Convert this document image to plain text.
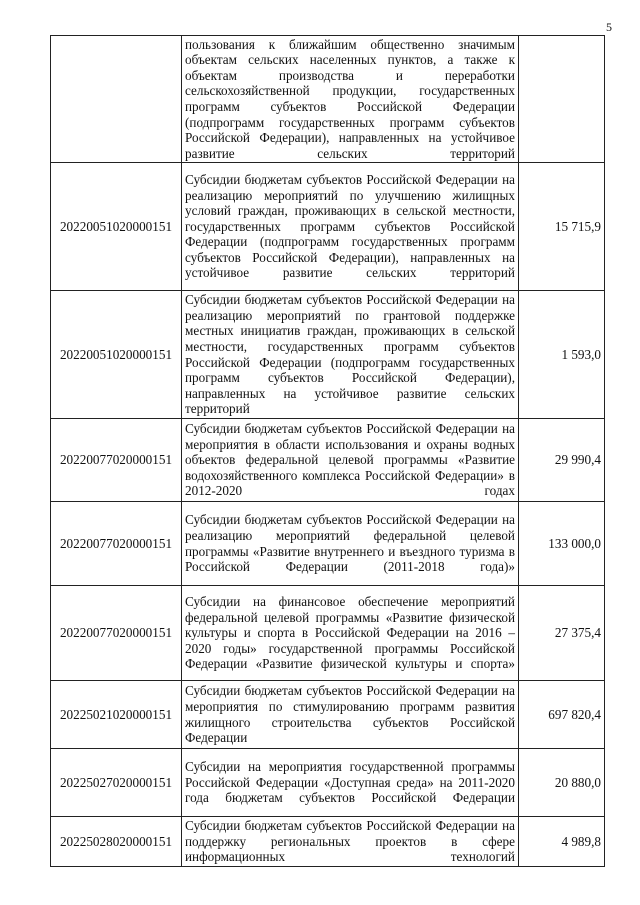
5
	пользования к ближайшим общественно значимым объектам сельских населенных пунктов, а также к объектам производства и переработки сельскохозяйственной продукции, государственных программ субъектов Российской Федерации (подпрограмм государственных программ субъектов Российской Федерации), направленных на устойчивое развитие сельских территорий	
20220051020000151	Субсидии бюджетам субъектов Российской Федерации на реализацию мероприятий по улучшению жилищных условий граждан, проживающих в сельской местности, государственных программ субъектов Российской Федерации (подпрограмм государственных программ субъектов Российской Федерации), направленных на устойчивое развитие сельских территорий	15 715,9
20220051020000151	Субсидии бюджетам субъектов Российской Федерации на реализацию мероприятий по грантовой поддержке местных инициатив граждан, проживающих в сельской местности, государственных программ субъектов Российской Федерации (подпрограмм государственных программ субъектов Российской Федерации), направленных на устойчивое развитие сельских территорий	1 593,0
20220077020000151	Субсидии бюджетам субъектов Российской Федерации на мероприятия в области использования и охраны водных объектов федеральной целевой программы «Развитие водохозяйственного комплекса Российской Федерации» в 2012-2020 годах	29 990,4
20220077020000151	Субсидии бюджетам субъектов Российской Федерации на реализацию мероприятий федеральной целевой программы «Развитие внутреннего и въездного туризма в Российской Федерации (2011-2018 года)»	133 000,0
20220077020000151	Субсидии на финансовое обеспечение мероприятий федеральной целевой программы «Развитие физической культуры и спорта в Российской Федерации на 2016 – 2020 годы» государственной программы Российской Федерации «Развитие физической культуры и спорта»	27 375,4
20225021020000151	Субсидии бюджетам субъектов Российской Федерации на мероприятия по стимулированию программ развития жилищного строительства субъектов Российской Федерации	697 820,4
20225027020000151	Субсидии на мероприятия государственной программы Российской Федерации «Доступная среда» на 2011-2020 года бюджетам субъектов Российской Федерации	20 880,0
20225028020000151	Субсидии бюджетам субъектов Российской Федерации на поддержку региональных проектов в сфере информационных технологий	4 989,8
